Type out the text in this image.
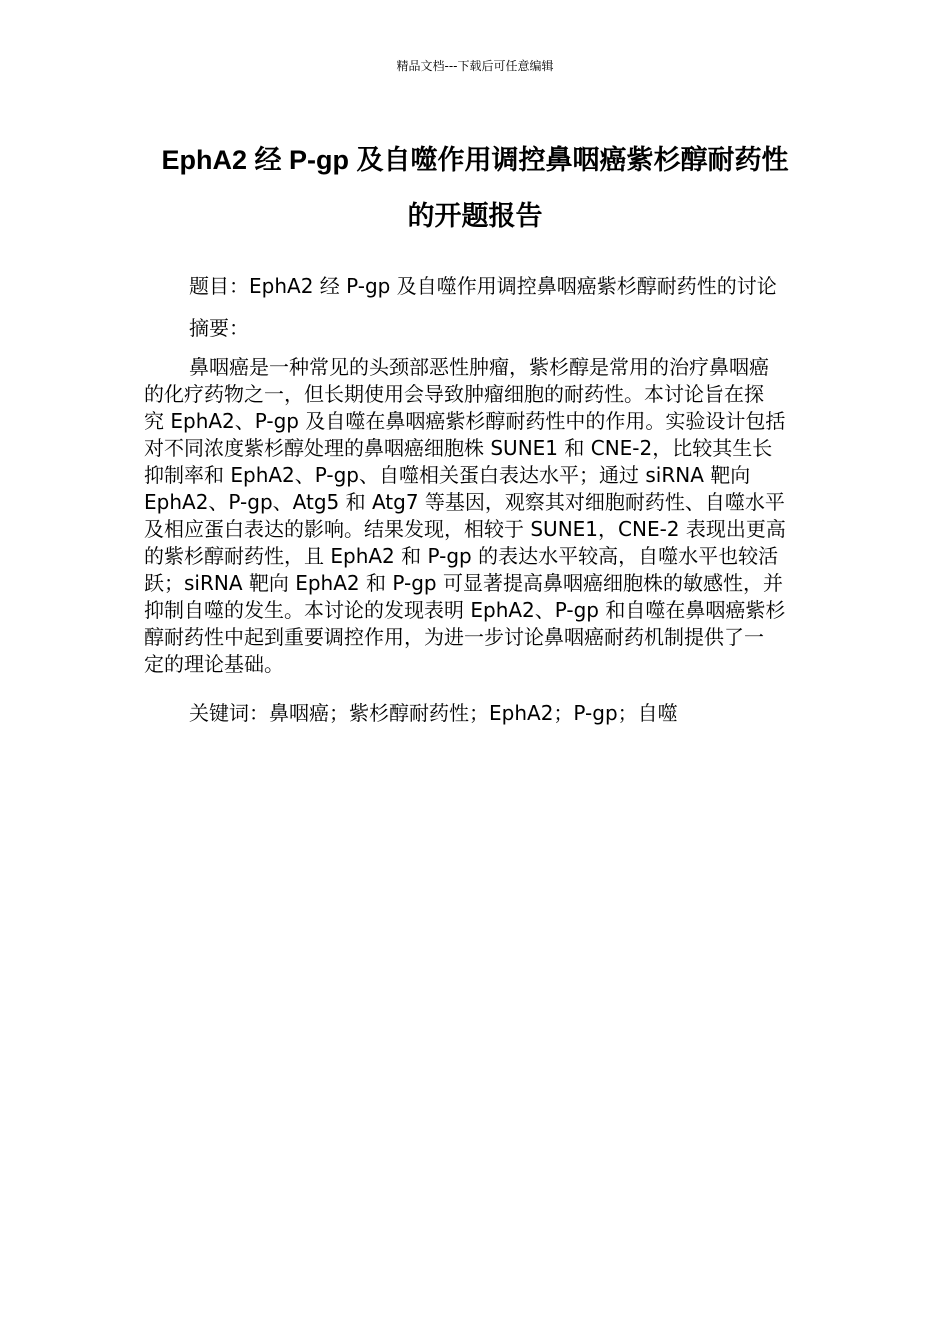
精品文档---下载后可任意编辑
EphA2 经 P-gp 及自噬作用调控鼻咽癌紫杉醇耐药性
的开题报告
题目：EphA2 经 P-gp 及自噬作用调控鼻咽癌紫杉醇耐药性的讨论
摘要：
鼻咽癌是一种常见的头颈部恶性肿瘤，紫杉醇是常用的治疗鼻咽癌
的化疗药物之一，但长期使用会导致肿瘤细胞的耐药性。本讨论旨在探
究 EphA2、P-gp 及自噬在鼻咽癌紫杉醇耐药性中的作用。实验设计包括
对不同浓度紫杉醇处理的鼻咽癌细胞株 SUNE1 和 CNE-2，比较其生长
抑制率和 EphA2、P-gp、自噬相关蛋白表达水平；通过 siRNA 靶向
EphA2、P-gp、Atg5 和 Atg7 等基因，观察其对细胞耐药性、自噬水平
及相应蛋白表达的影响。结果发现，相较于 SUNE1，CNE-2 表现出更高
的紫杉醇耐药性，且 EphA2 和 P-gp 的表达水平较高，自噬水平也较活
跃；siRNA 靶向 EphA2 和 P-gp 可显著提高鼻咽癌细胞株的敏感性，并
抑制自噬的发生。本讨论的发现表明 EphA2、P-gp 和自噬在鼻咽癌紫杉
醇耐药性中起到重要调控作用，为进一步讨论鼻咽癌耐药机制提供了一
定的理论基础。
关键词：鼻咽癌；紫杉醇耐药性；EphA2；P-gp；自噬
